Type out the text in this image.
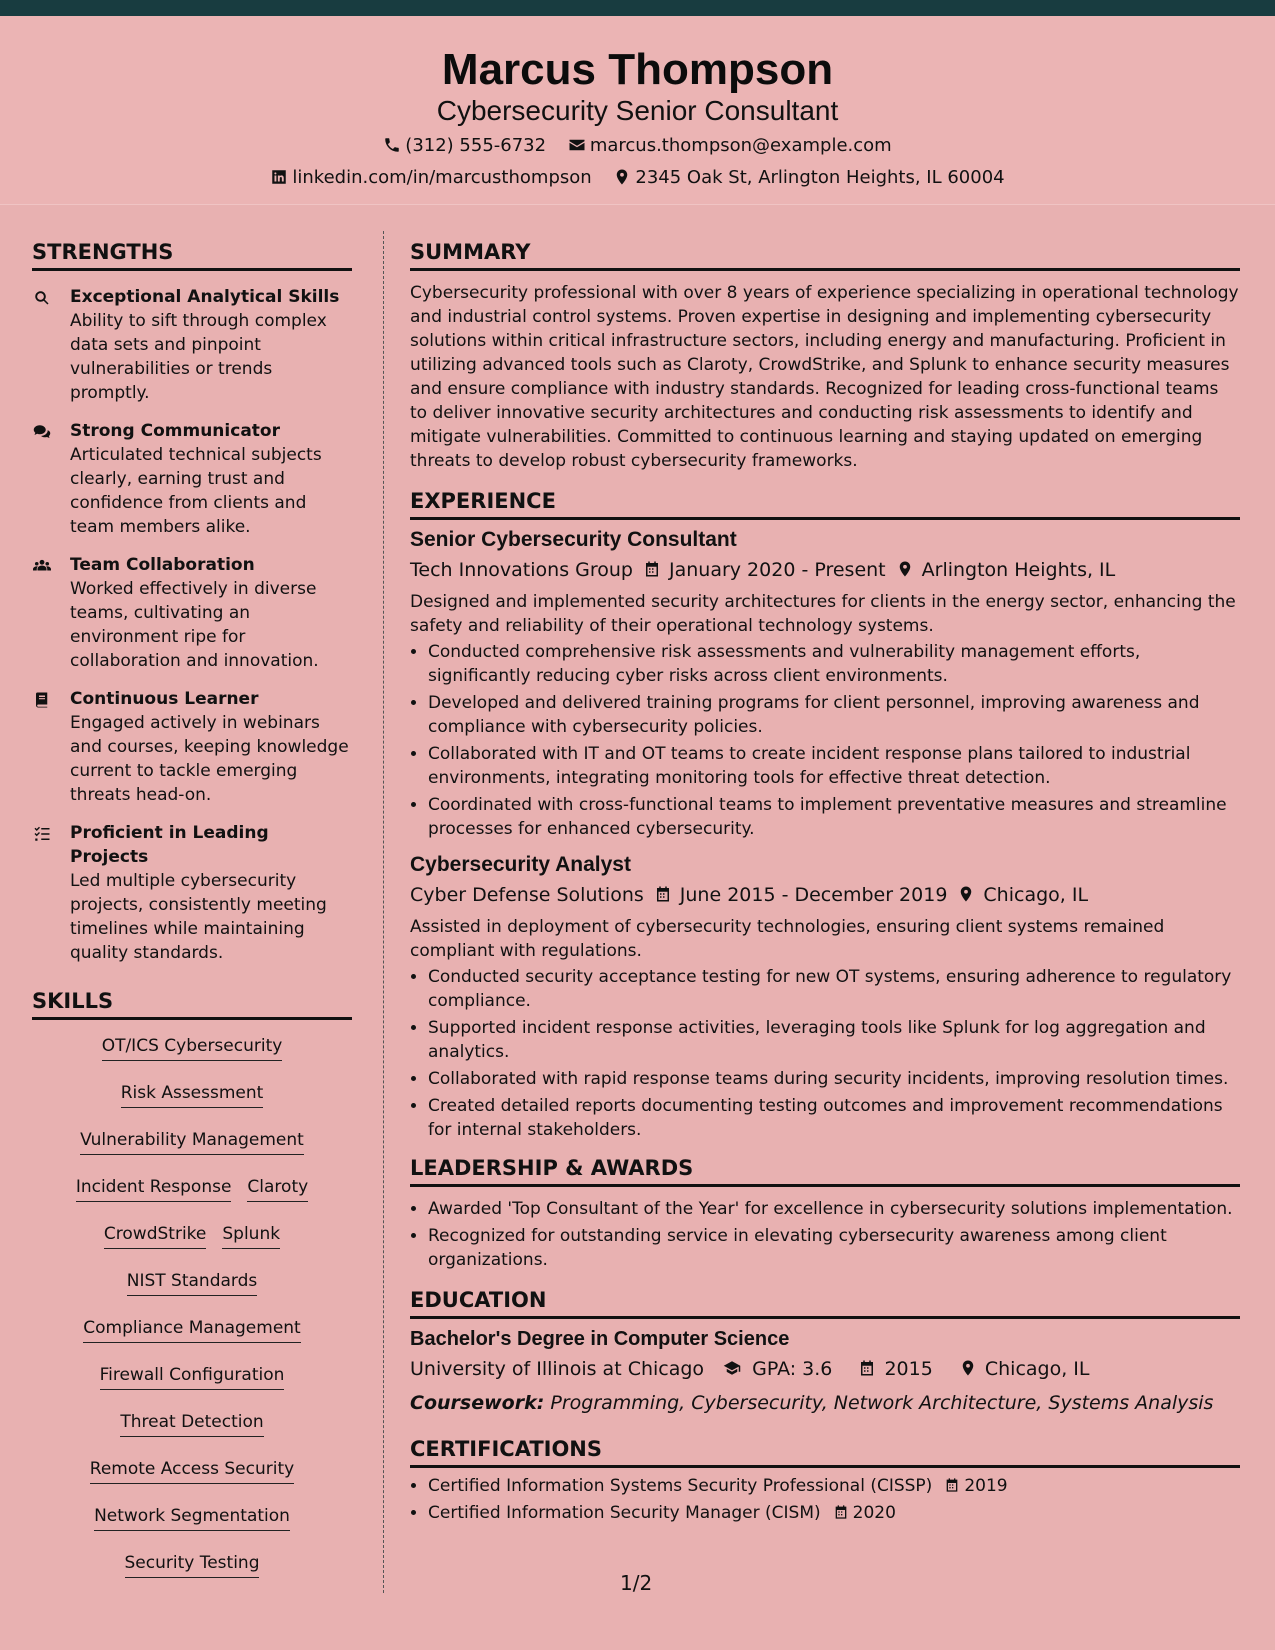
Marcus Thompson
Cybersecurity Senior Consultant
(312) 555-6732 marcus.thompson@example.com
linkedin.com/in/marcusthompson 2345 Oak St, Arlington Heights, IL 60004
STRENGTHS
Exceptional Analytical Skills
Ability to sift through complex data sets and pinpoint vulnerabilities or trends promptly.
Strong Communicator
Articulated technical subjects clearly, earning trust and confidence from clients and team members alike.
Team Collaboration
Worked effectively in diverse teams, cultivating an environment ripe for collaboration and innovation.
Continuous Learner
Engaged actively in webinars and courses, keeping knowledge current to tackle emerging threats head-on.
Proficient in Leading Projects
Led multiple cybersecurity projects, consistently meeting timelines while maintaining quality standards.
SKILLS
OT/ICS Cybersecurity
Risk Assessment
Vulnerability Management
Incident Response Claroty
CrowdStrike Splunk
NIST Standards
Compliance Management
Firewall Configuration
Threat Detection
Remote Access Security
Network Segmentation
Security Testing
SUMMARY

Cybersecurity professional with over 8 years of experience specializing in operational technology and industrial control systems. Proven expertise in designing and implementing cybersecurity solutions within critical infrastructure sectors, including energy and manufacturing. Proficient in utilizing advanced tools such as Claroty, CrowdStrike, and Splunk to enhance security measures and ensure compliance with industry standards. Recognized for leading cross-functional teams to deliver innovative security architectures and conducting risk assessments to identify and mitigate vulnerabilities. Committed to continuous learning and staying updated on emerging threats to develop robust cybersecurity frameworks.

EXPERIENCE
Senior Cybersecurity Consultant
Tech Innovations Group January 2020 - Present Arlington Heights, IL

Designed and implemented security architectures for clients in the energy sector, enhancing the safety and reliability of their operational technology systems.

• Conducted comprehensive risk assessments and vulnerability management efforts, significantly reducing cyber risks across client environments.
• Developed and delivered training programs for client personnel, improving awareness and compliance with cybersecurity policies.
• Collaborated with IT and OT teams to create incident response plans tailored to industrial environments, integrating monitoring tools for effective threat detection.
• Coordinated with cross-functional teams to implement preventative measures and streamline processes for enhanced cybersecurity.
Cybersecurity Analyst
Cyber Defense Solutions June 2015 - December 2019 Chicago, IL

Assisted in deployment of cybersecurity technologies, ensuring client systems remained compliant with regulations.

• Conducted security acceptance testing for new OT systems, ensuring adherence to regulatory compliance.
• Supported incident response activities, leveraging tools like Splunk for log aggregation and analytics.
• Collaborated with rapid response teams during security incidents, improving resolution times.
• Created detailed reports documenting testing outcomes and improvement recommendations for internal stakeholders.
LEADERSHIP & AWARDS
• Awarded 'Top Consultant of the Year' for excellence in cybersecurity solutions implementation.
• Recognized for outstanding service in elevating cybersecurity awareness among client organizations.
EDUCATION
Bachelor's Degree in Computer Science
University of Illinois at Chicago	GPA: 3.6	2015	Chicago, IL
Coursework: Programming, Cybersecurity, Network Architecture, Systems Analysis
CERTIFICATIONS
• Certified Information Systems Security Professional (CISSP) 2019
• Certified Information Security Manager (CISM) 2020
1/2
